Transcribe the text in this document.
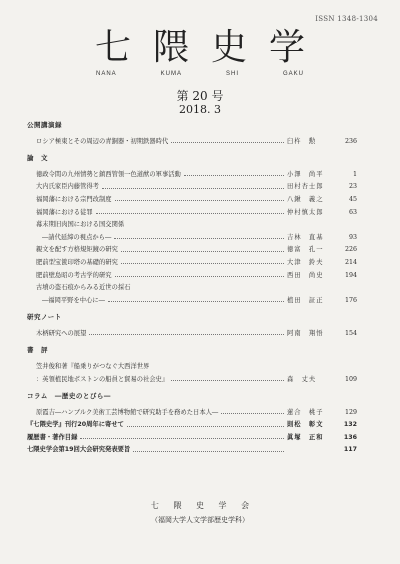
ISSN 1348-1304
七隈史学
NANA	KUMA	SHI	GAKU
第 20 号
2018. 3
公開講演録
ロシア極東とその周辺の青銅器・初期鉄器時代	臼杵　勲	236
論　文
徳政令間の九州情勢と鎮西管領一色道猷の軍事活動	小澤　尚平	1
大内氏家臣内藤管得考	田村杏士郎	23
福岡藩における宗門改制度	八鍬　義之	45
福岡藩における徒罪	仲村慎太郎	63
幕末期旧肉国における国交関係
―請代延締の視点から―	吉林　直基	93
親文を配す方格規矩鏡の研究	徳富　孔一	226
肥前型宝篋印塔の基礎的研究	大津　鈴夫	214
肥前壁島昭の考古学的研究	西田　尚史	194
古墳の盗石痕からみる近世の採石
―福岡平野を中心に―	植田　証正	176
研究ノート
木柄研究への展望	阿南　翔悟	154
書　評
笠井俊和著『船乗りがつなぐ大西洋世界
：英領植民地ボストンの船員と貿易の社会史』	森　丈夫	109
コラム　―歴史のとびら―
原霞吉―ハンブルク美術工芸博物館で研究助手を務めた日本人―	蓮合　桃子	129
『七隈史学』刊行20周年に寄せて	則松　彰文	132
履歴書・著作目録	眞塚　正和	136
七隈史学会第19回大会研究発表要旨	117
七 隈 史 学 会
（福岡大学人文学部歴史学科）
